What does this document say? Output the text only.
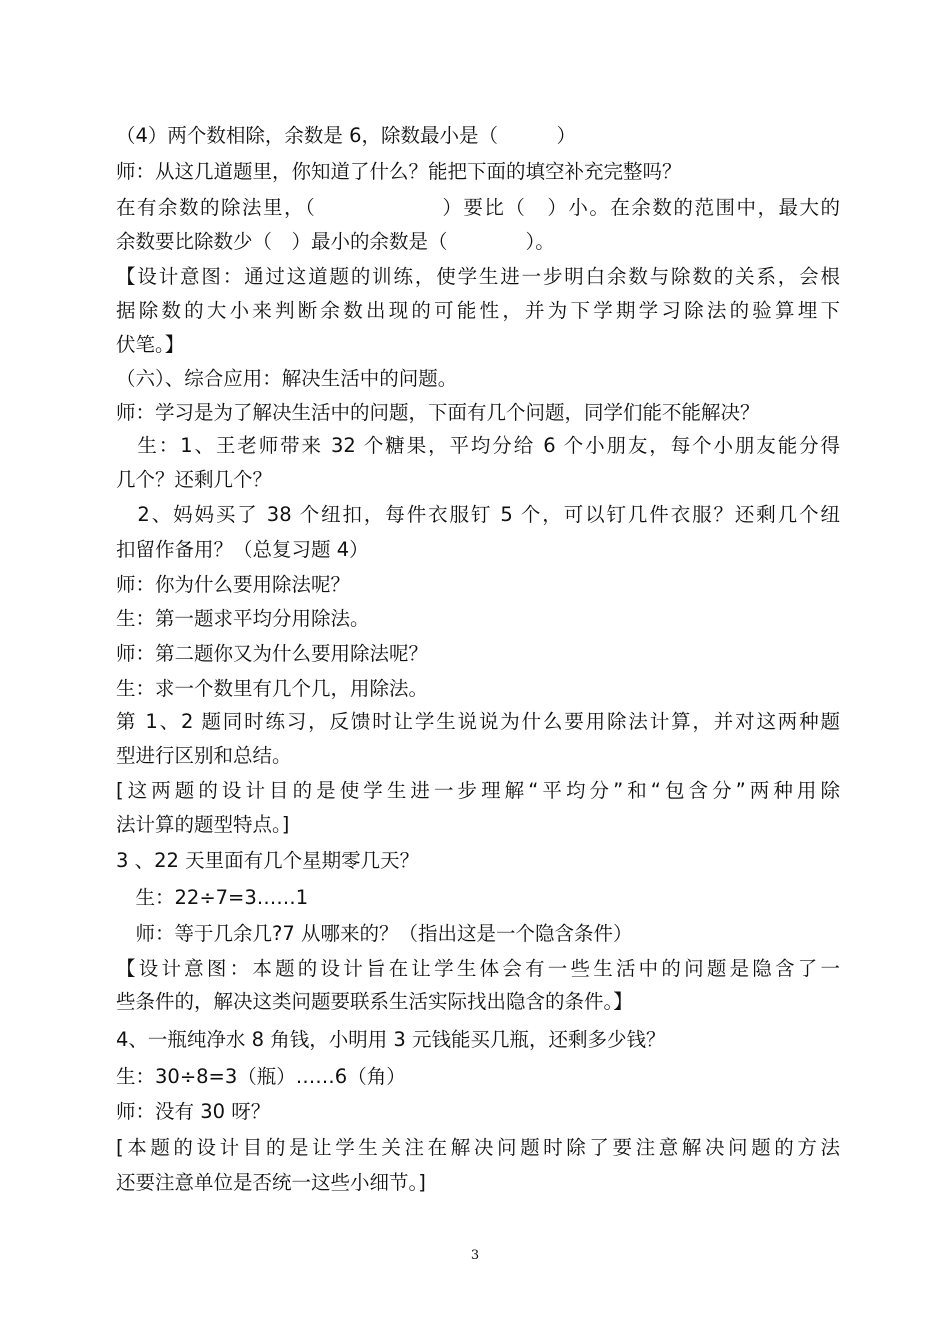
（4）两个数相除，余数是 6，除数最小是（　　　）
师：从这几道题里，你知道了什么？能把下面的填空补充完整吗？
在有余数的除法里，（　　　　　　）要比（　）小。在余数的范围中，最大的
余数要比除数少（　）最小的余数是（　　　　）。
【设计意图：通过这道题的训练，使学生进一步明白余数与除数的关系，会根
据除数的大小来判断余数出现的可能性，并为下学期学习除法的验算埋下
伏笔。】
（六）、综合应用：解决生活中的问题。
师：学习是为了解决生活中的问题，下面有几个问题，同学们能不能解决？
　生：1、王老师带来 32 个糖果，平均分给 6 个小朋友，每个小朋友能分得
几个？还剩几个？
　2、妈妈买了 38 个纽扣，每件衣服钉 5 个，可以钉几件衣服？还剩几个纽
扣留作备用？（总复习题 4）
师：你为什么要用除法呢？
生：第一题求平均分用除法。
师：第二题你又为什么要用除法呢？
生：求一个数里有几个几，用除法。
第 1、2 题同时练习，反馈时让学生说说为什么要用除法计算，并对这两种题
型进行区别和总结。
[这两题的设计目的是使学生进一步理解“平均分”和“包含分”两种用除
法计算的题型特点。]
3 、22 天里面有几个星期零几天？
　生：22÷7=3……1
　师：等于几余几?7 从哪来的？（指出这是一个隐含条件）
【设计意图：本题的设计旨在让学生体会有一些生活中的问题是隐含了一
些条件的，解决这类问题要联系生活实际找出隐含的条件。】
4、一瓶纯净水 8 角钱，小明用 3 元钱能买几瓶，还剩多少钱？
生：30÷8=3（瓶）……6（角）
师：没有 30 呀？
[本题的设计目的是让学生关注在解决问题时除了要注意解决问题的方法
还要注意单位是否统一这些小细节。]
3
